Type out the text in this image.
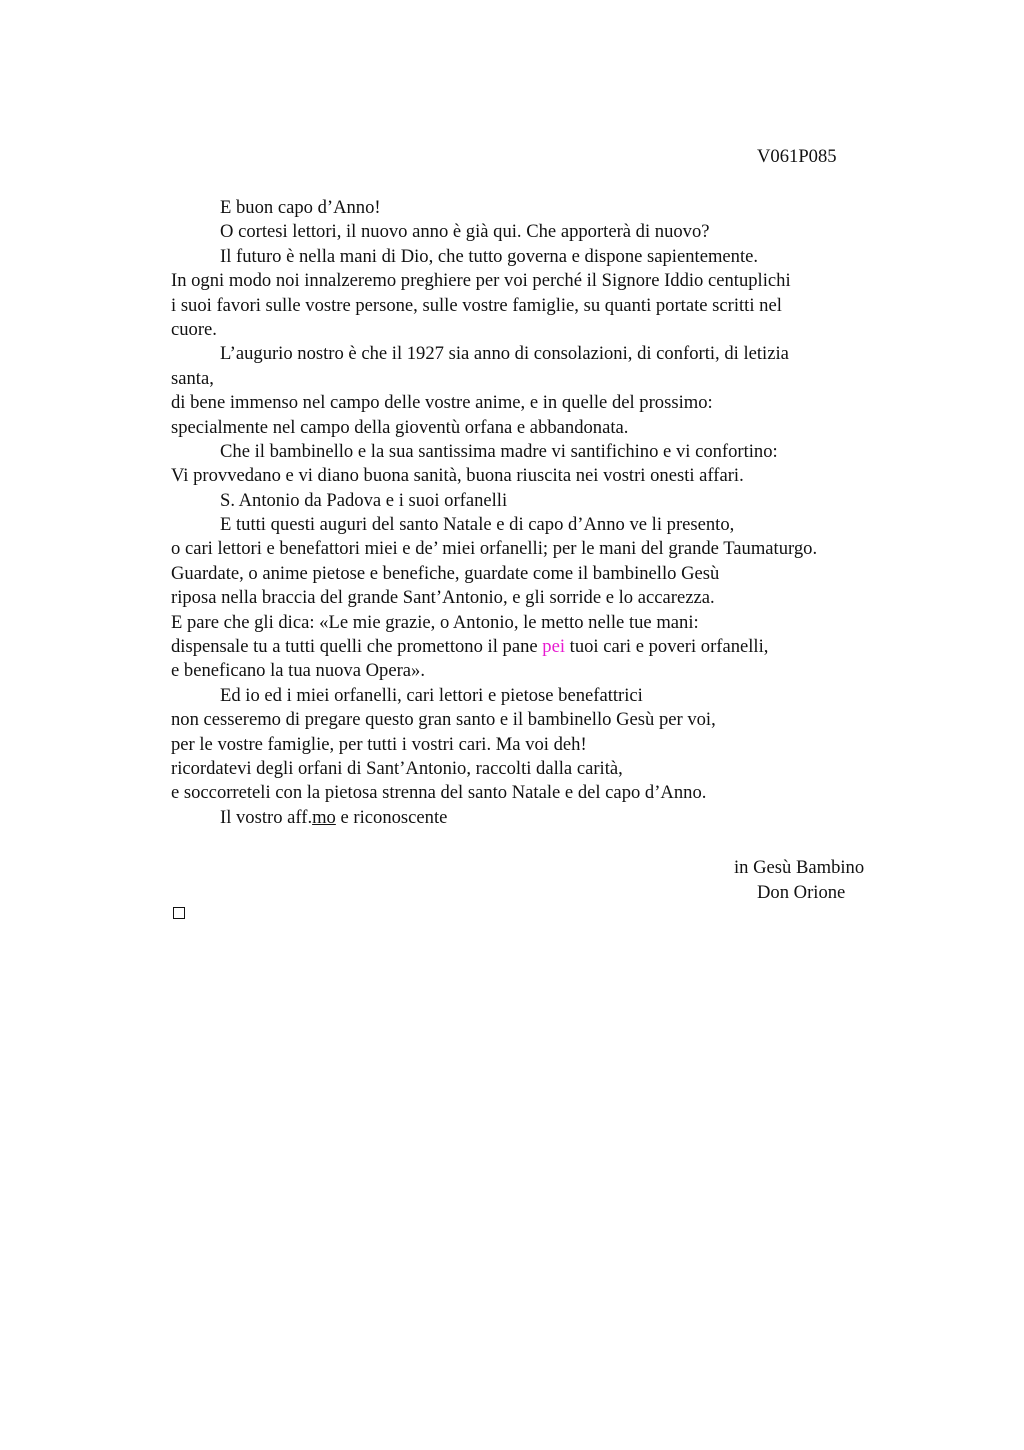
V061P085
E buon capo d’Anno!
O cortesi lettori, il nuovo anno è già qui. Che apporterà di nuovo?
Il futuro è nella mani di Dio, che tutto governa e dispone sapientemente.
In ogni modo noi innalzeremo preghiere per voi perché il Signore Iddio centuplichi
i suoi favori sulle vostre persone, sulle vostre famiglie, su quanti portate scritti nel
cuore.
L’augurio nostro è che il 1927 sia anno di consolazioni, di conforti, di letizia
santa,
di bene immenso nel campo delle vostre anime, e in quelle del prossimo:
specialmente nel campo della gioventù orfana e abbandonata.
Che il bambinello e la sua santissima madre vi santifichino e vi confortino:
Vi provvedano e vi diano buona sanità, buona riuscita nei vostri onesti affari.
S. Antonio da Padova e i suoi orfanelli
E tutti questi auguri del santo Natale e di capo d’Anno ve li presento,
o cari lettori e benefattori miei e de’ miei orfanelli; per le mani del grande Taumaturgo.
Guardate, o anime pietose e benefiche, guardate come il bambinello Gesù
riposa nella braccia del grande Sant’Antonio, e gli sorride e lo accarezza.
E pare che gli dica: «Le mie grazie, o Antonio, le metto nelle tue mani:
dispensale tu a tutti quelli che promettono il pane pei tuoi cari e poveri orfanelli,
e beneficano la tua nuova Opera».
Ed io ed i miei orfanelli, cari lettori e pietose benefattrici
non cesseremo di pregare questo gran santo e il bambinello Gesù per voi,
per le vostre famiglie, per tutti i vostri cari. Ma voi deh!
ricordatevi degli orfani di Sant’Antonio, raccolti dalla carità,
e soccorreteli con la pietosa strenna del santo Natale e del capo d’Anno.
Il vostro aff.mo e riconoscente
in Gesù Bambino
Don Orione
